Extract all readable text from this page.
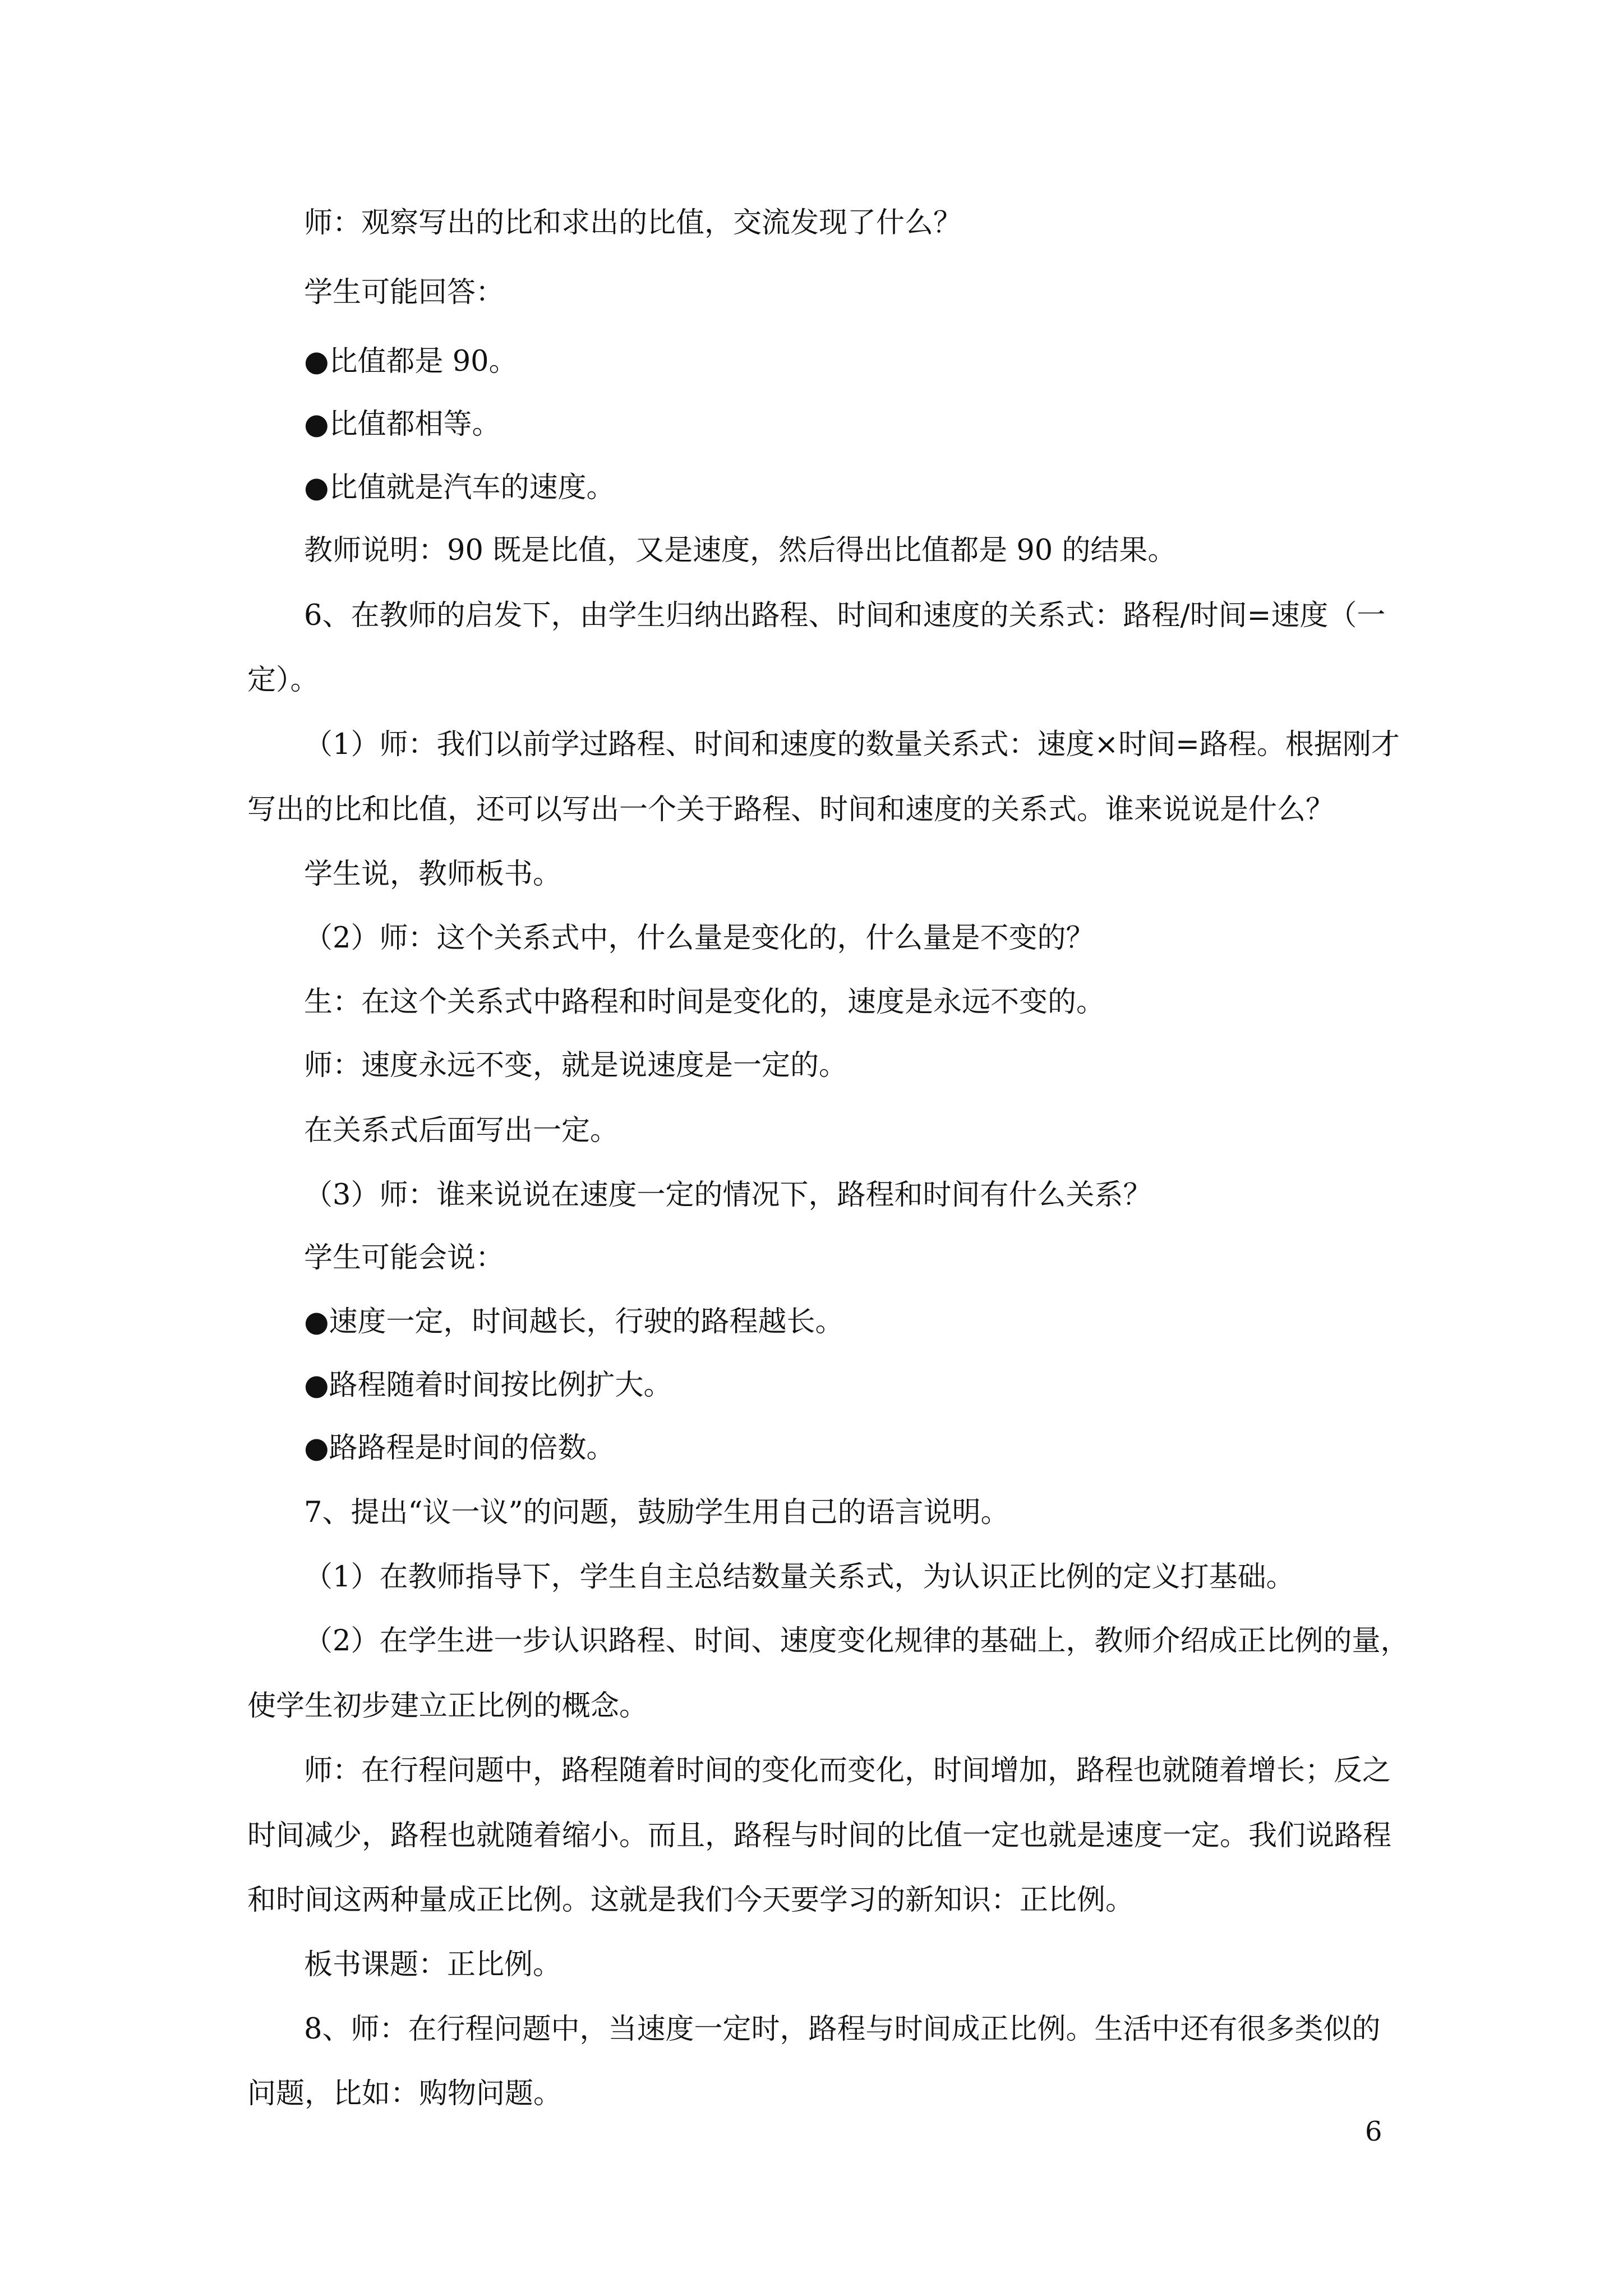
师：观察写出的比和求出的比值，交流发现了什么？

学生可能回答：

●比值都是 90。

●比值都相等。

●比值就是汽车的速度。

教师说明：90 既是比值，又是速度，然后得出比值都是 90 的结果。

6、在教师的启发下，由学生归纳出路程、时间和速度的关系式：路程/时间=速度（一

定）。

（1）师：我们以前学过路程、时间和速度的数量关系式：速度×时间=路程。根据刚才

写出的比和比值，还可以写出一个关于路程、时间和速度的关系式。谁来说说是什么？

学生说，教师板书。

（2）师：这个关系式中，什么量是变化的，什么量是不变的？

生：在这个关系式中路程和时间是变化的，速度是永远不变的。

师：速度永远不变，就是说速度是一定的。

在关系式后面写出一定。

（3）师：谁来说说在速度一定的情况下，路程和时间有什么关系？

学生可能会说：

●速度一定，时间越长，行驶的路程越长。

●路程随着时间按比例扩大。

●路路程是时间的倍数。

7、提出“议一议”的问题，鼓励学生用自己的语言说明。

（1）在教师指导下，学生自主总结数量关系式，为认识正比例的定义打基础。

（2）在学生进一步认识路程、时间、速度变化规律的基础上，教师介绍成正比例的量，

使学生初步建立正比例的概念。

师：在行程问题中，路程随着时间的变化而变化，时间增加，路程也就随着增长；反之

时间减少，路程也就随着缩小。而且，路程与时间的比值一定也就是速度一定。我们说路程

和时间这两种量成正比例。这就是我们今天要学习的新知识：正比例。

板书课题：正比例。

8、师：在行程问题中，当速度一定时，路程与时间成正比例。生活中还有很多类似的

问题，比如：购物问题。

6
